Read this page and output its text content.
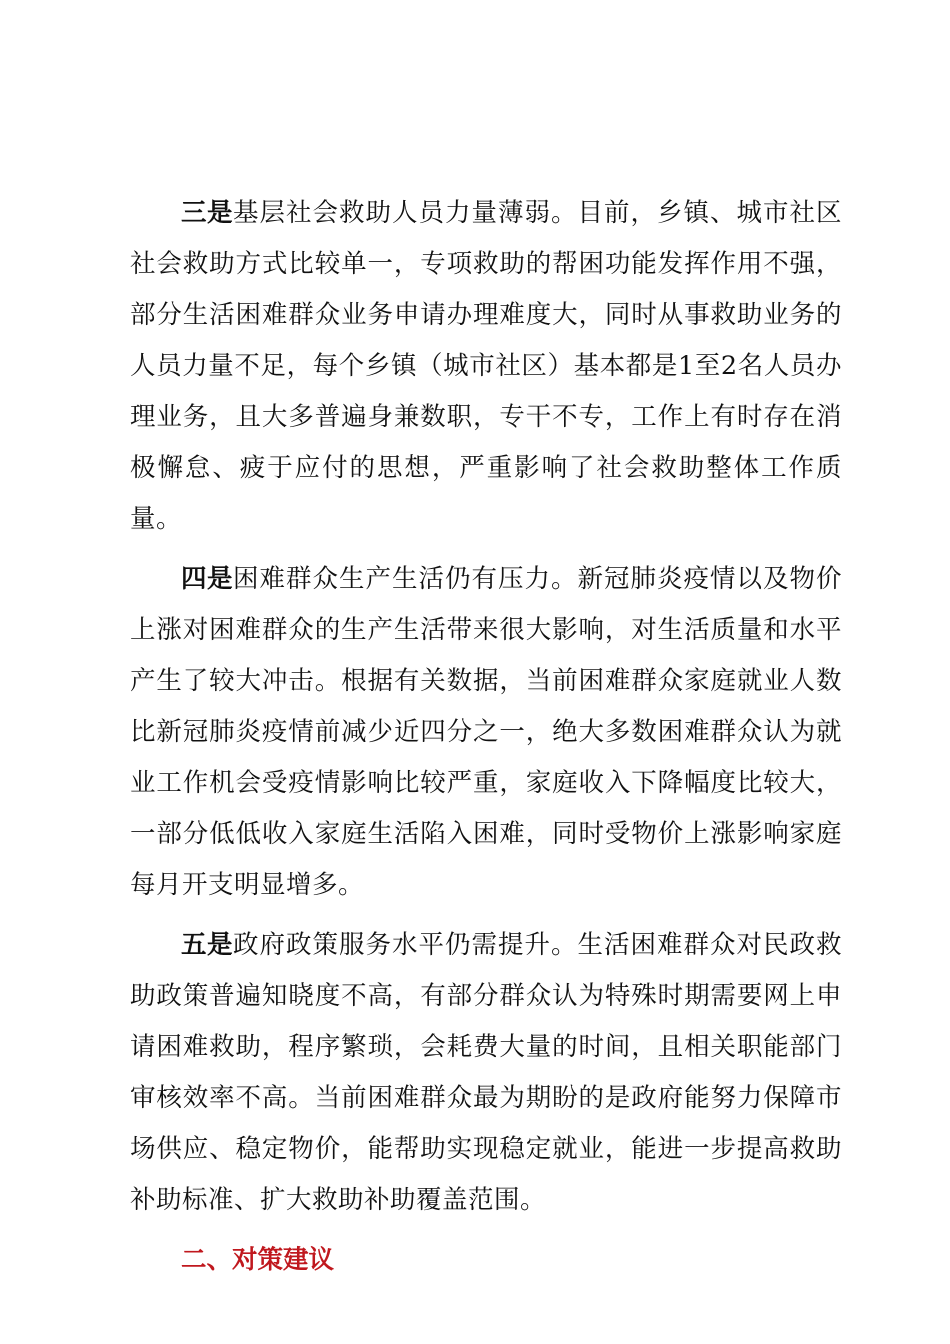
三是基层社会救助人员力量薄弱。目前，乡镇、城市社区社会救助方式比较单一，专项救助的帮困功能发挥作用不强，部分生活困难群众业务申请办理难度大，同时从事救助业务的人员力量不足，每个乡镇（城市社区）基本都是1至2名人员办理业务，且大多普遍身兼数职，专干不专，工作上有时存在消极懈怠、疲于应付的思想，严重影响了社会救助整体工作质量。

四是困难群众生产生活仍有压力。新冠肺炎疫情以及物价上涨对困难群众的生产生活带来很大影响，对生活质量和水平产生了较大冲击。根据有关数据，当前困难群众家庭就业人数比新冠肺炎疫情前减少近四分之一，绝大多数困难群众认为就业工作机会受疫情影响比较严重，家庭收入下降幅度比较大，一部分低低收入家庭生活陷入困难，同时受物价上涨影响家庭每月开支明显增多。

五是政府政策服务水平仍需提升。生活困难群众对民政救助政策普遍知晓度不高，有部分群众认为特殊时期需要网上申请困难救助，程序繁琐，会耗费大量的时间，且相关职能部门审核效率不高。当前困难群众最为期盼的是政府能努力保障市场供应、稳定物价，能帮助实现稳定就业，能进一步提高救助补助标准、扩大救助补助覆盖范围。

二、对策建议
